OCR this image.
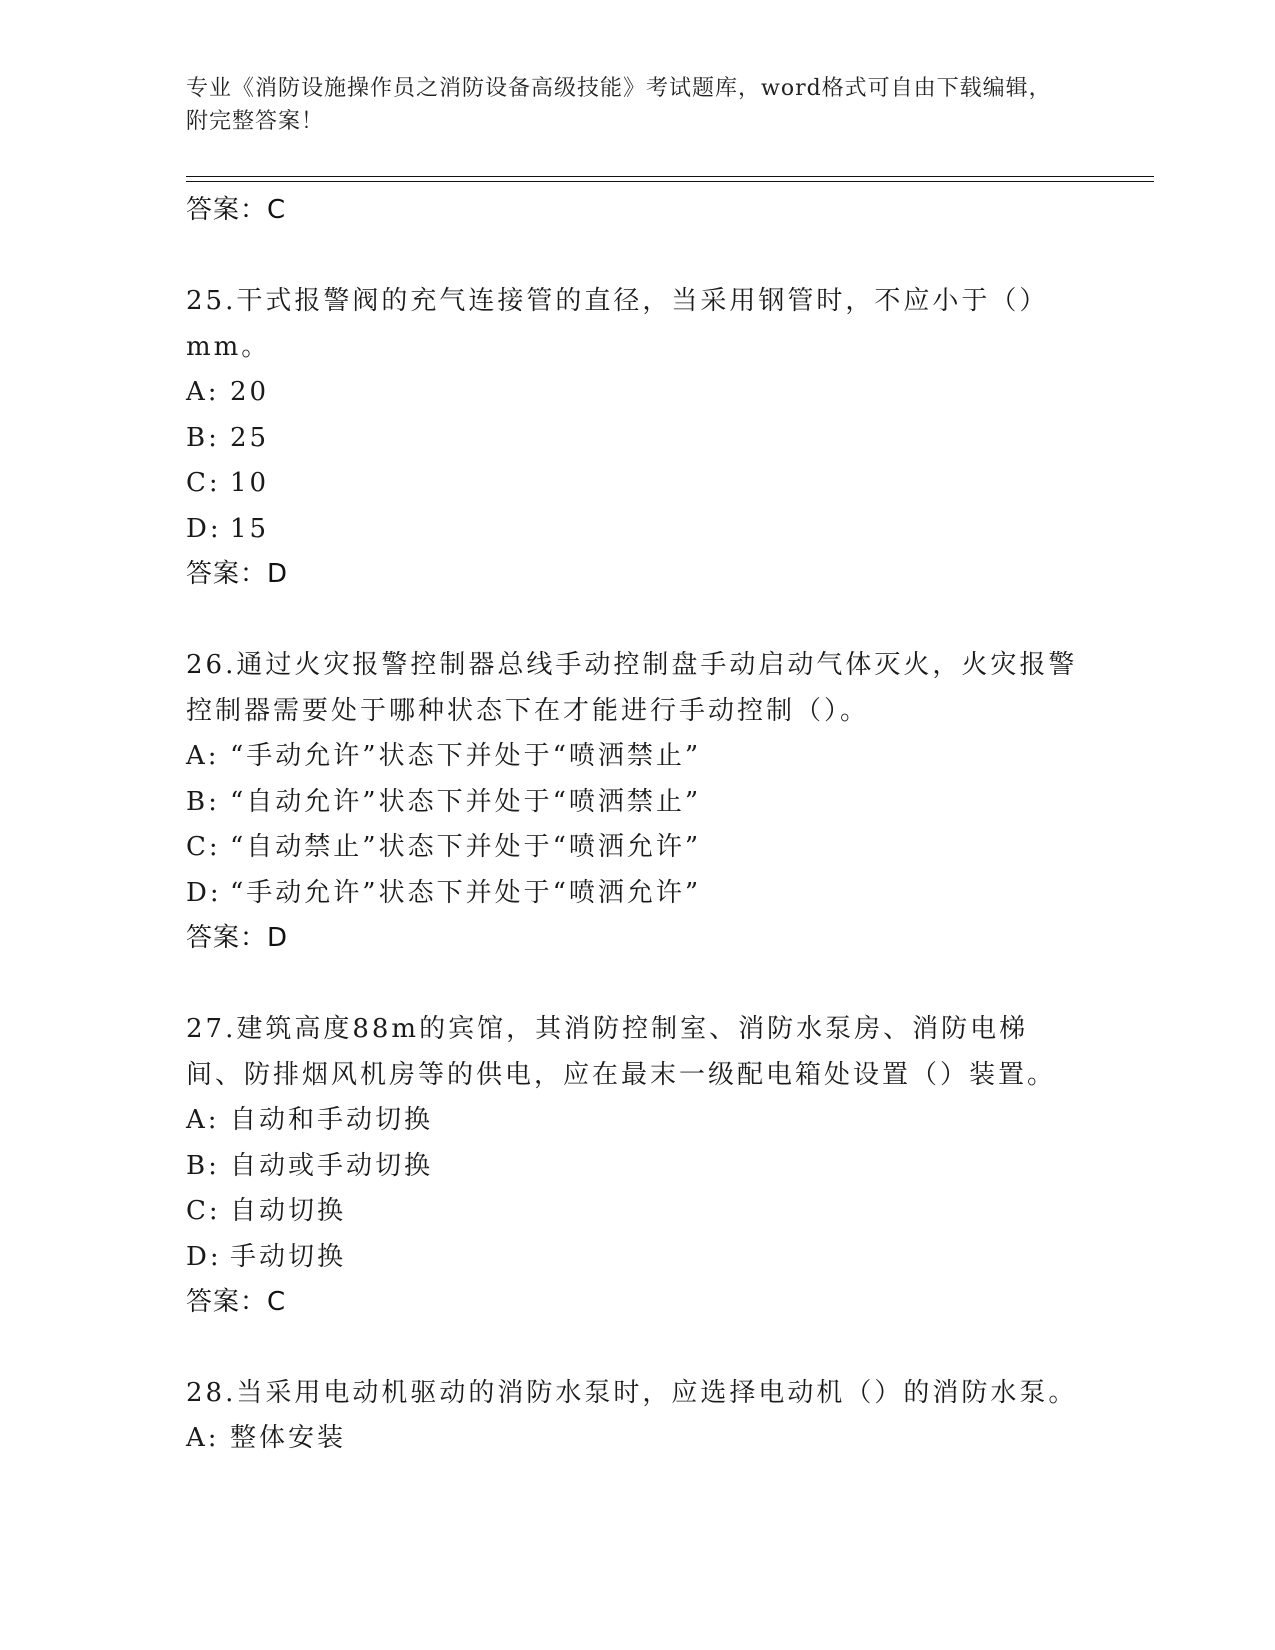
专业《消防设施操作员之消防设备高级技能》考试题库，word格式可自由下载编辑，附完整答案！
答案：C
25.干式报警阀的充气连接管的直径，当采用钢管时，不应小于（）mm。
A: 20
B: 25
C: 10
D: 15
答案：D
26.通过火灾报警控制器总线手动控制盘手动启动气体灭火，火灾报警控制器需要处于哪种状态下在才能进行手动控制（）。
A: “手动允许”状态下并处于“喷洒禁止”
B: “自动允许”状态下并处于“喷洒禁止”
C: “自动禁止”状态下并处于“喷洒允许”
D: “手动允许”状态下并处于“喷洒允许”
答案：D
27.建筑高度88m的宾馆，其消防控制室、消防水泵房、消防电梯间、防排烟风机房等的供电，应在最末一级配电箱处设置（）装置。
A: 自动和手动切换
B: 自动或手动切换
C: 自动切换
D: 手动切换
答案：C
28.当采用电动机驱动的消防水泵时，应选择电动机（）的消防水泵。
A: 整体安装
